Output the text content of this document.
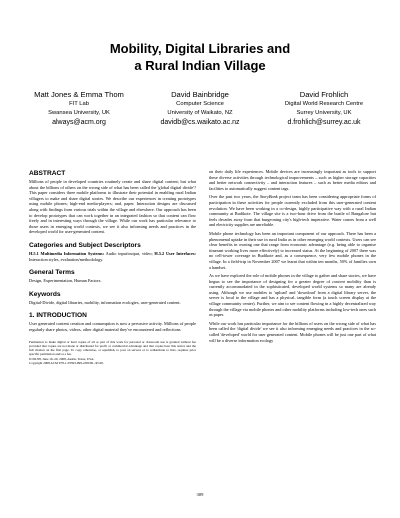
Mobility, Digital Libraries and
a Rural Indian Village
Matt Jones & Emma Thom
FIT Lab
Swansea University, UK
always@acm.org
David Bainbridge
Computer Science
University of Waikato, NZ
davidb@cs.waikato.ac.nz
David Frohlich
Digital World Research Centre
Surrey University, UK
d.frohlich@surrey.ac.uk
ABSTRACT

Millions of people in developed countries routinely create and share digital content; but what about the billions of others on the wrong side of what has been called the 'global digital divide'? This paper considers three mobile platforms to illustrate their potential in enabling rural Indian villagers to make and share digital stories. We describe our experiences in creating prototypes using mobile phones; high-end media-players; and, paper. Interaction designs are discussed along with findings from various trials within the village and elsewhere. Our approach has been to develop prototypes that can work together in an integrated fashion so that content can flow freely and in interesting ways through the village. While our work has particular relevance to those users in emerging world contexts, we see it also informing needs and practices in the developed world for user-generated content.

Categories and Subject Descriptors

H.5.1 Multimedia Information Systems: Audio input/output, video; H.5.2 User Interfaces: Interaction styles, evaluation/methodology.

General Terms

Design, Experimentation, Human Factors.

Keywords

Digital-Divide, digital libraries, mobility, information ecologies, user-generated content.

1. INTRODUCTION

User generated content creation and consumption is now a pervasive activity. Millions of people regularly share photos, videos, other digital material they've encountered and reflections

Permission to make digital or hard copies of all or part of this work for personal or classroom use is granted without fee provided that copies are not made or distributed for profit or commercial advantage and that copies bear this notice and the full citation on the first page. To copy otherwise, or republish, to post on servers or to redistribute to lists, requires prior specific permission and/or a fee.

JCDL'08, June 16–20, 2008, Austin, Texas, USA.

Copyright 2008 ACM 978-1-59593-998-2/08/06...$5.00.

on their daily life experiences. Mobile devices are increasingly important as tools to support these diverse activities through technological improvements – such as higher storage capacities and better network connectivity – and interaction features – such as better media editors and facilities to automatically suggest content tags.

Over the past two years, the StoryBank project team has been considering appropriate forms of participation in these activities for people currently excluded from this user-generated content revolution. We have been working in a co-design, highly participative way with a rural Indian community at Budikote. The village site is a two-hour drive from the bustle of Bangalore but feels decades away from that burgeoning city's high-tech imperative. Water comes from a well and electricity supplies are unreliable.

Mobile phone technology has been an important component of our approach. There has been a phenomenal uptake in their use in rural India as in other emerging world contexts. Users can see clear benefits in owning one that range from economic advantage (e.g. being able to organise itinerant working lives more effectively) to increased status. At the beginning of 2007 there was no cell-tower coverage in Budikote and, as a consequence, very few mobile phones in the village. In a field-trip in November 2007 we learnt that within ten months, 50% of families own a handset.

As we have explored the role of mobile phones in the village to gather and share stories, we have begun to see the importance of designing for a greater degree of content mobility than is currently accommodated in the sophisticated, developed world systems so many are already using. Although we use mobiles to 'upload' and 'download' from a digital library server, the server is local to the village and has a physical, tangible form (a touch screen display at the village community center). Further, we aim to see content flowing in a highly decentralized way through the village via mobile phones and other mobility platforms including low-tech ones such as paper.

While our work has particular importance for the billions of users on the wrong side of what has been called the 'digital divide' we see it also informing emerging needs and practices in the so-called 'developed' world for user generated content. Mobile phones will be just one part of what will be a diverse information ecology

309
